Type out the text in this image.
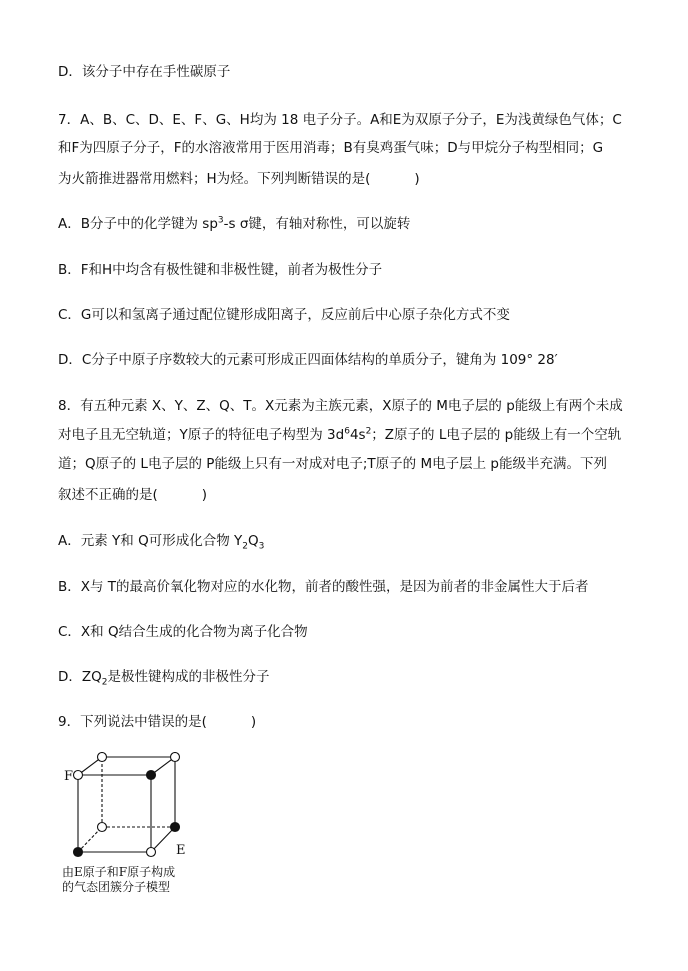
D．该分子中存在手性碳原子
7．A、B、C、D、E、F、G、H均为 18 电子分子。A和E为双原子分子，E为浅黄绿色气体；C
和F为四原子分子，F的水溶液常用于医用消毒；B有臭鸡蛋气味；D与甲烷分子构型相同；G
为火箭推进器常用燃料；H为烃。下列判断错误的是(	)
A．B分子中的化学键为 $sp^3-s$ σ键，有轴对称性，可以旋转
B．F和H中均含有极性键和非极性键，前者为极性分子
C．G可以和氢离子通过配位键形成阳离子，反应前后中心原子杂化方式不变
D．C分子中原子序数较大的元素可形成正四面体结构的单质分子，键角为 109° 28′
8．有五种元素 X、Y、Z、Q、T。X元素为主族元素，X原子的 M电子层的 p能级上有两个未成
对电子且无空轨道；Y原子的特征电子构型为 $3d^64s^2$；Z原子的 L电子层的 p能级上有一个空轨
道；Q原子的 L电子层的 P能级上只有一对成对电子;T原子的 M电子层上 p能级半充满。下列
叙述不正确的是(	)
A．元素 Y和 Q可形成化合物 $Y_2Q_3$
B．X与 T的最高价氧化物对应的水化物，前者的酸性强，是因为前者的非金属性大于后者
C．X和 Q结合生成的化合物为离子化合物
D．$ZQ_2$是极性键构成的非极性分子
9．下列说法中错误的是(	)
F
E
由E原子和F原子构成
的气态团簇分子模型
